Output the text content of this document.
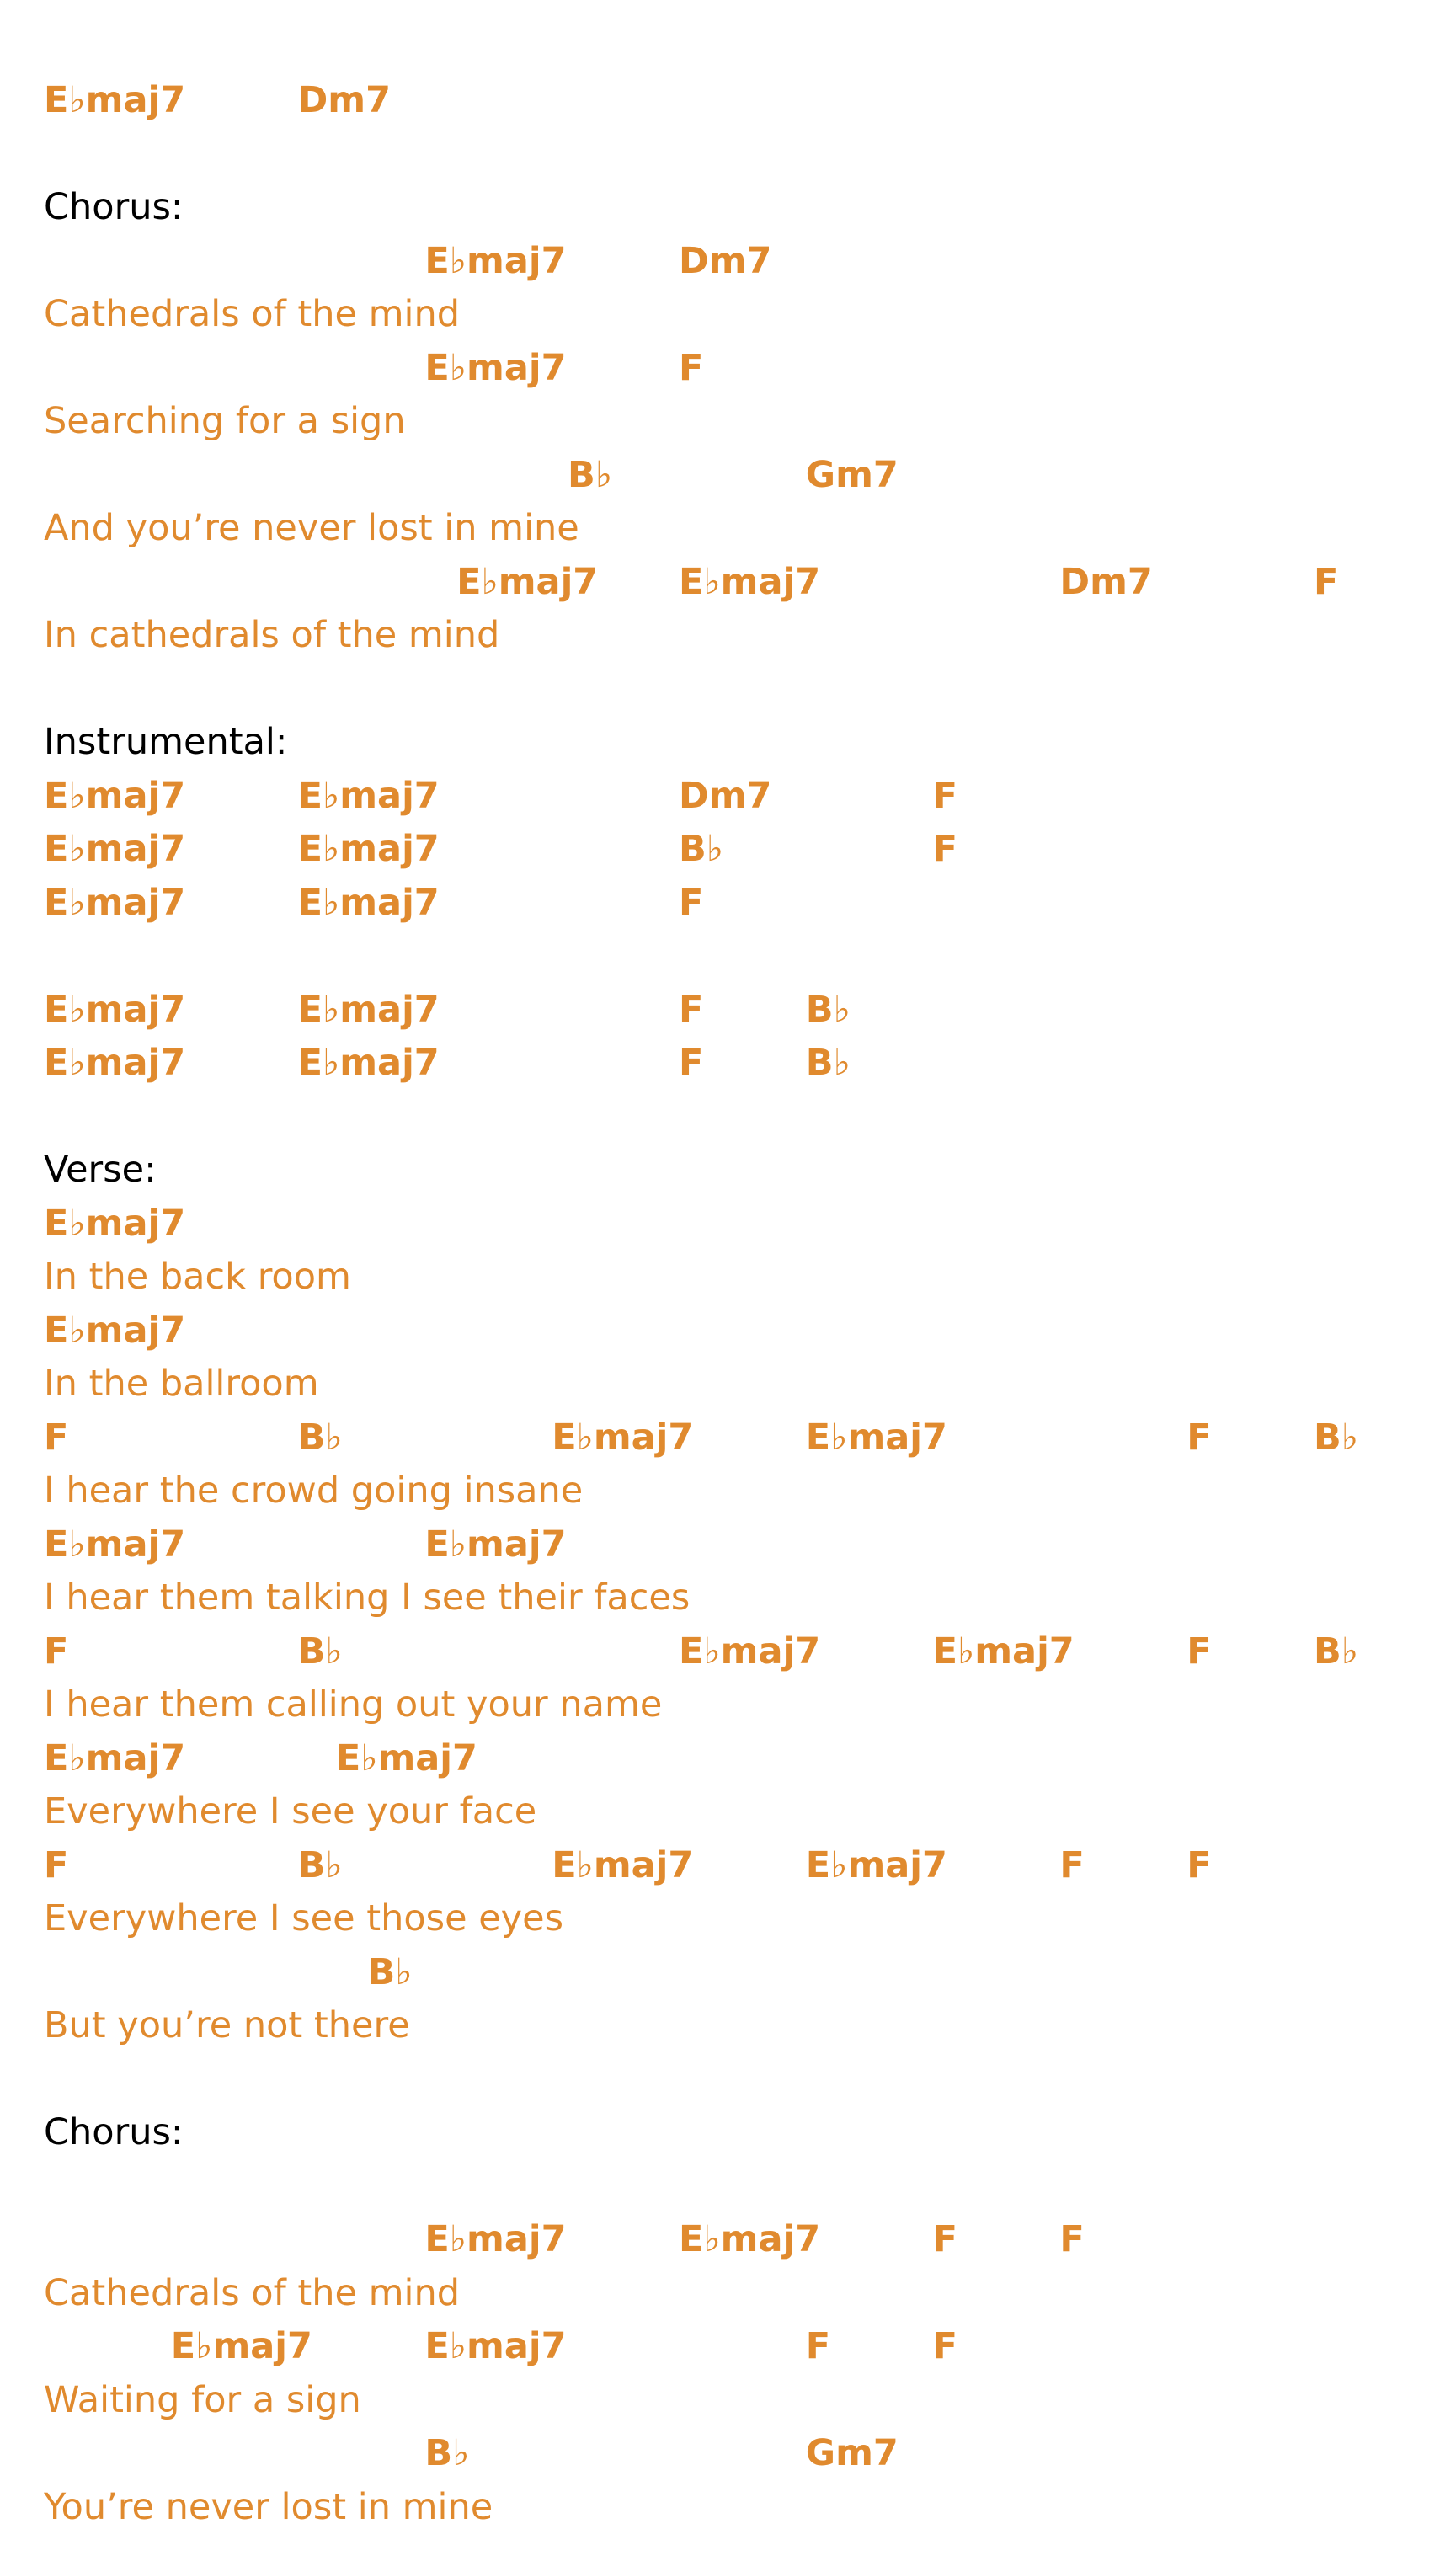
E♭maj7	Dm7
Chorus:
E♭maj7	Dm7
Cathedrals of the mind
E♭maj7	F
Searching for a sign
B♭	Gm7
And you’re never lost in mine
E♭maj7 E♭maj7	Dm7	F
In cathedrals of the mind
Instrumental:
E♭maj7	E♭maj7	Dm7	F
E♭maj7	E♭maj7	B♭	F
E♭maj7	E♭maj7	F
E♭maj7	E♭maj7	F	B♭
E♭maj7	E♭maj7	F	B♭
Verse:
E♭maj7
In the back room
E♭maj7
In the ballroom
F	B♭	E♭maj7	E♭maj7	F	B♭
I hear the crowd going insane
E♭maj7	E♭maj7
I hear them talking I see their faces
F	B♭	E♭maj7	E♭maj7	F	B♭
I hear them calling out your name
E♭maj7	E♭maj7
Everywhere I see your face
F	B♭	E♭maj7	E♭maj7	F	F
Everywhere I see those eyes
B♭
But you’re not there
Chorus:
E♭maj7	E♭maj7	F	F
Cathedrals of the mind
E♭maj7	E♭maj7	F	F
Waiting for a sign
B♭	Gm7
You’re never lost in mine
